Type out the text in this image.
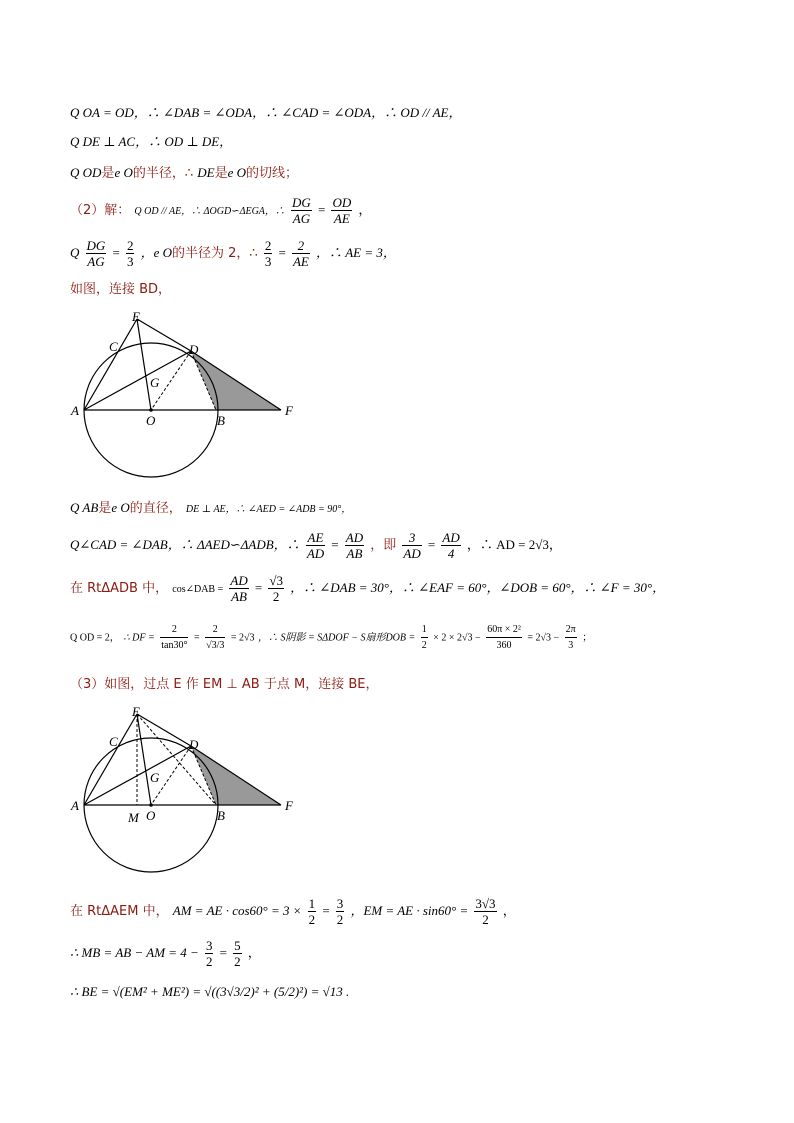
Q OA = OD，∴ ∠DAB = ∠ODA，∴ ∠CAD = ∠ODA，∴ OD // AE，
Q DE ⊥ AC，∴ OD ⊥ DE，
Q OD是e O的半径，∴ DE是e O的切线；
（2）解： Q OD // AE，∴ ΔOGD∽ΔEGA，∴ $\frac{DG}{AG} = \frac{OD}{AE}$ ，
Q $\frac{DG}{AG} = \frac{2}{3}$ ，e O的半径为 2，∴ $\frac{2}{3} = \frac{2}{AE}$ ，∴ AE = 3，
如图，连接 BD，
E
C	D
G
A
O	B
F
Q AB是e O的直径， DE ⊥ AE，∴ ∠AED = ∠ADB = 90°，
Q∠CAD = ∠DAB，∴ ΔAED∽ΔADB，∴ $\frac{AE}{AD} = \frac{AD}{AB}$ ，即 $\frac{3}{AD} = \frac{AD}{4}$ ，∴ AD = 2√3，
在 RtΔADB 中， cos∠DAB = $\frac{AD}{AB} = \frac{√3}{2}$ ，∴ ∠DAB = 30°，∴ ∠EAF = 60°，∠DOB = 60°，∴ ∠F = 30°，
Q OD = 2， ∴ DF = $\frac{2}{\tan 30^\circ} = \frac{2}{√3/3} = 2√3$ ，∴ S阴影 = SΔDOF − S扇形DOB = $\frac{1}{2} \times 2 \times 2√3 - \frac{\text{60π × 2²}}{360} = 2√3 - \frac{2\pi}{3}$ ；
（3）如图，过点 E 作 EM ⊥ AB 于点 M，连接 BE，
E
C	D
G
A
M O	B
F
在 RtΔAEM 中， AM = AE · $\cos 60^\circ = 3 \times \frac{1}{2} = \frac{3}{2}$ ，EM = AE · $\sin 60^\circ = \frac{3√3}{2}$ ，
∴ MB = AB − AM = $4 - \frac{3}{2} = \frac{5}{2}$ ，
∴ BE = √(EM² + ME²) = √((3√3/2)² + (5/2)²) = √13 .
